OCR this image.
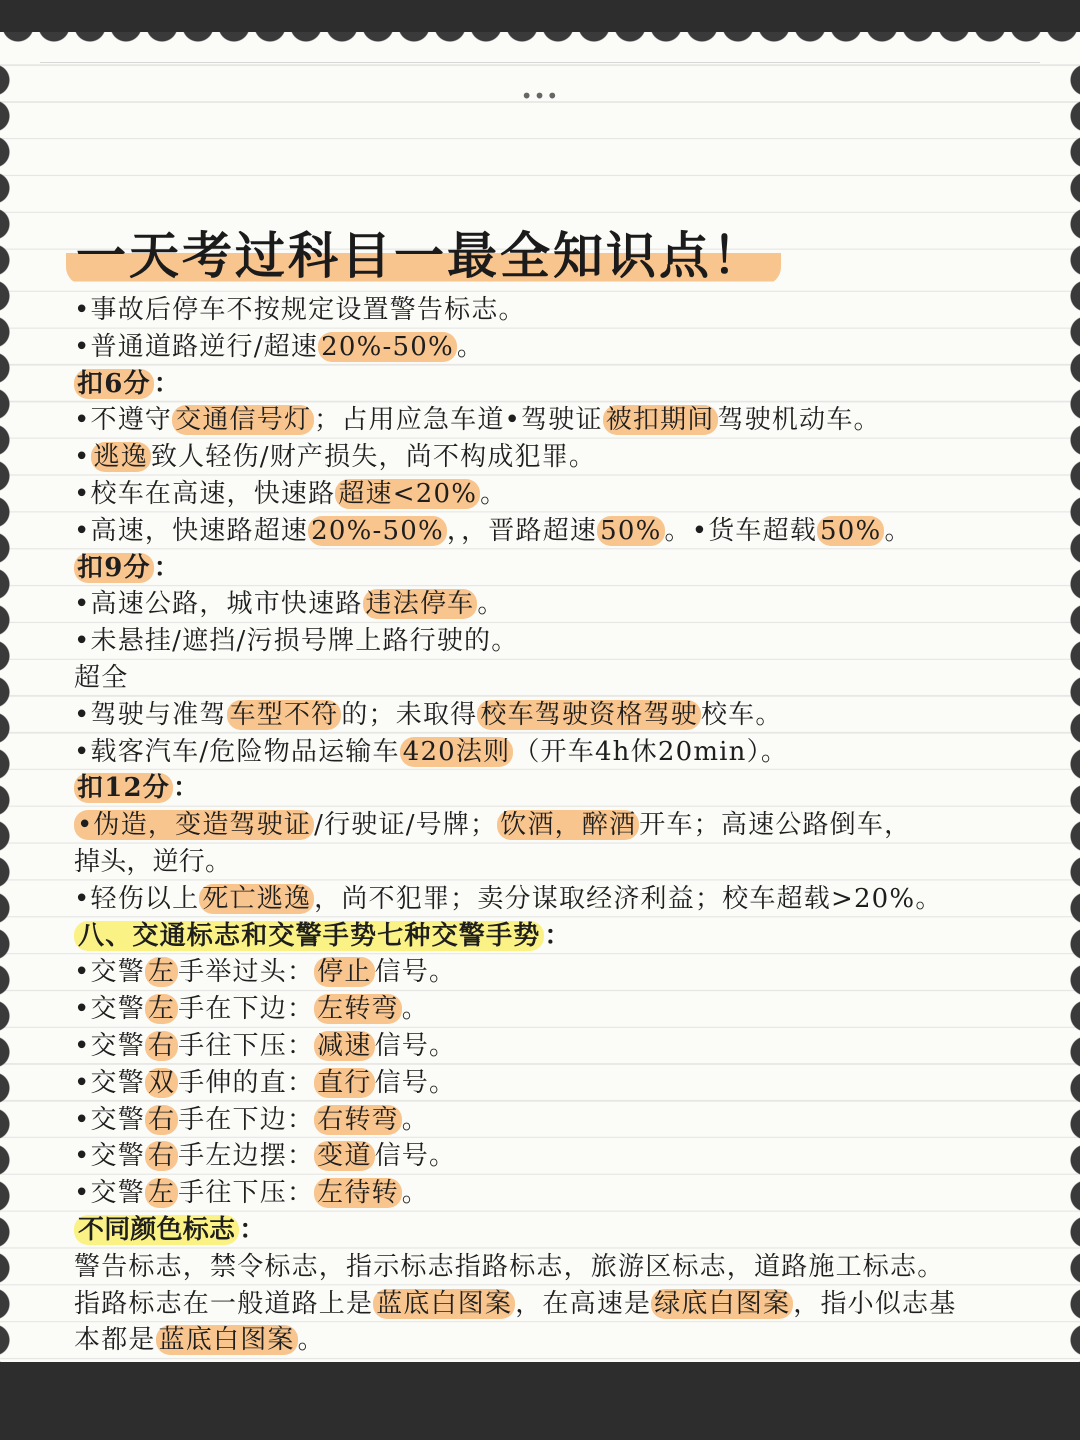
•••
一天考过科目一最全知识点！
•事故后停车不按规定设置警告标志。
•普通道路逆行/超速 20%-50% 。
扣6分 ：
•不遵守 交通信号灯 ；占用应急车道•驾驶证 被扣期间 驾驶机动车。
• 逃逸 致人轻伤/财产损失，尚不构成犯罪。
•校车在高速，快速路 超速<20% 。
•高速，快速路超速 20%-50% ，，晋路超速 50% 。•货车超载 50% 。
扣9分 ：
•高速公路，城市快速路 违法停车 。
•未悬挂/遮挡/污损号牌上路行驶的。
超全
•驾驶与准驾 车型不符 的；未取得 校车驾驶资格驾驶 校车。
•载客汽车/危险物品运输车 420法则 （开车4h休20min）。
扣12分 ：
•伪造，变造驾驶证 /行驶证/号牌； 饮酒，醉酒 开车；高速公路倒车，
掉头，逆行。
•轻伤以上 死亡逃逸 ，尚不犯罪；卖分谋取经济利益；校车超载>20%。
八、交通标志和交警手势七种交警手势 ：
•交警 左 手举过头： 停止 信号。
•交警 左 手在下边： 左转弯 。
•交警 右 手往下压： 减速 信号。
•交警 双 手伸的直： 直行 信号。
•交警 右 手在下边： 右转弯 。
•交警 右 手左边摆： 变道 信号。
•交警 左 手往下压： 左待转 。
不同颜色标志 ：
警告标志，禁令标志，指示标志指路标志，旅游区标志，道路施工标志。
指路标志在一般道路上是 蓝底白图案 ，在高速是 绿底白图案 ，指小似志基
本都是 蓝底白图案 。
